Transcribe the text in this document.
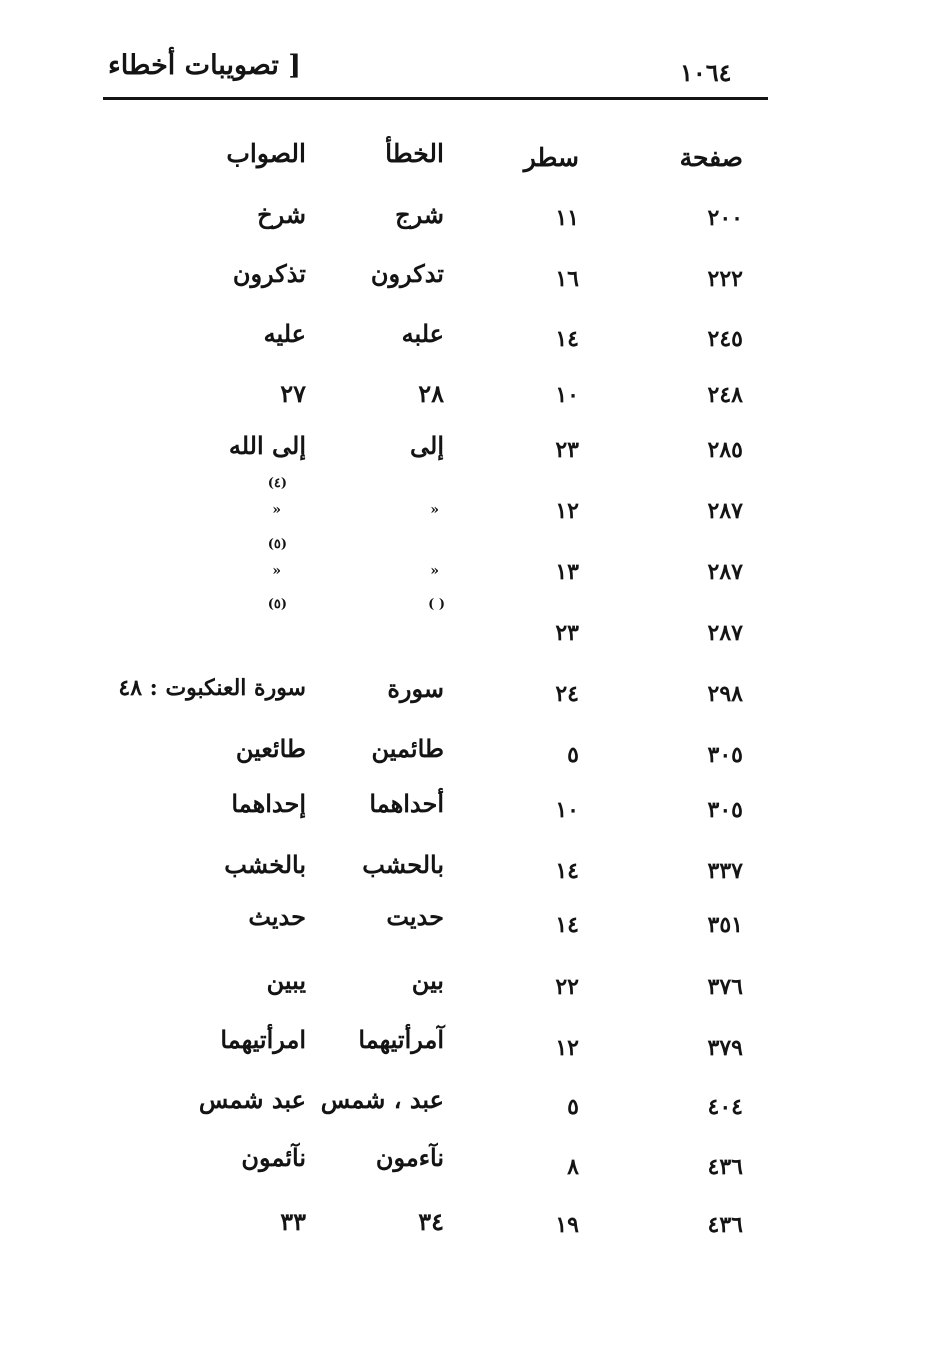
[ تصويبات أخطاء	١٠٦٤
صفحة
سطر
الخطأ
الصواب
٢٠٠
١١
شرج
شرخ
٢٢٢
١٦
تدكرون
تذكرون
٢٤٥
١٤
علبه
عليه
٢٤٨
١٠
٢٨
٢٧
٢٨٥
٢٣
إلى
إلى الله
٢٨٧
١٢
«
(٤)
«
٢٨٧
١٣
«
(٥)
«
٢٨٧
٢٣
( )
(٥)
٢٩٨
٢٤
سورة
سورة العنكبوت : ٤٨
٣٠٥
٥
طائمين
طائعين
٣٠٥
١٠
أحداهما
إحداهما
٣٣٧
١٤
بالحشب
بالخشب
٣٥١
١٤
حديت
حديث
٣٧٦
٢٢
بين
يبين
٣٧٩
١٢
آمرأتيهما
امرأتيهما
٤٠٤
٥
عبد ، شمس
عبد شمس
٤٣٦
٨
نآءمون
نآئمون
٤٣٦
١٩
٣٤
٣٣
